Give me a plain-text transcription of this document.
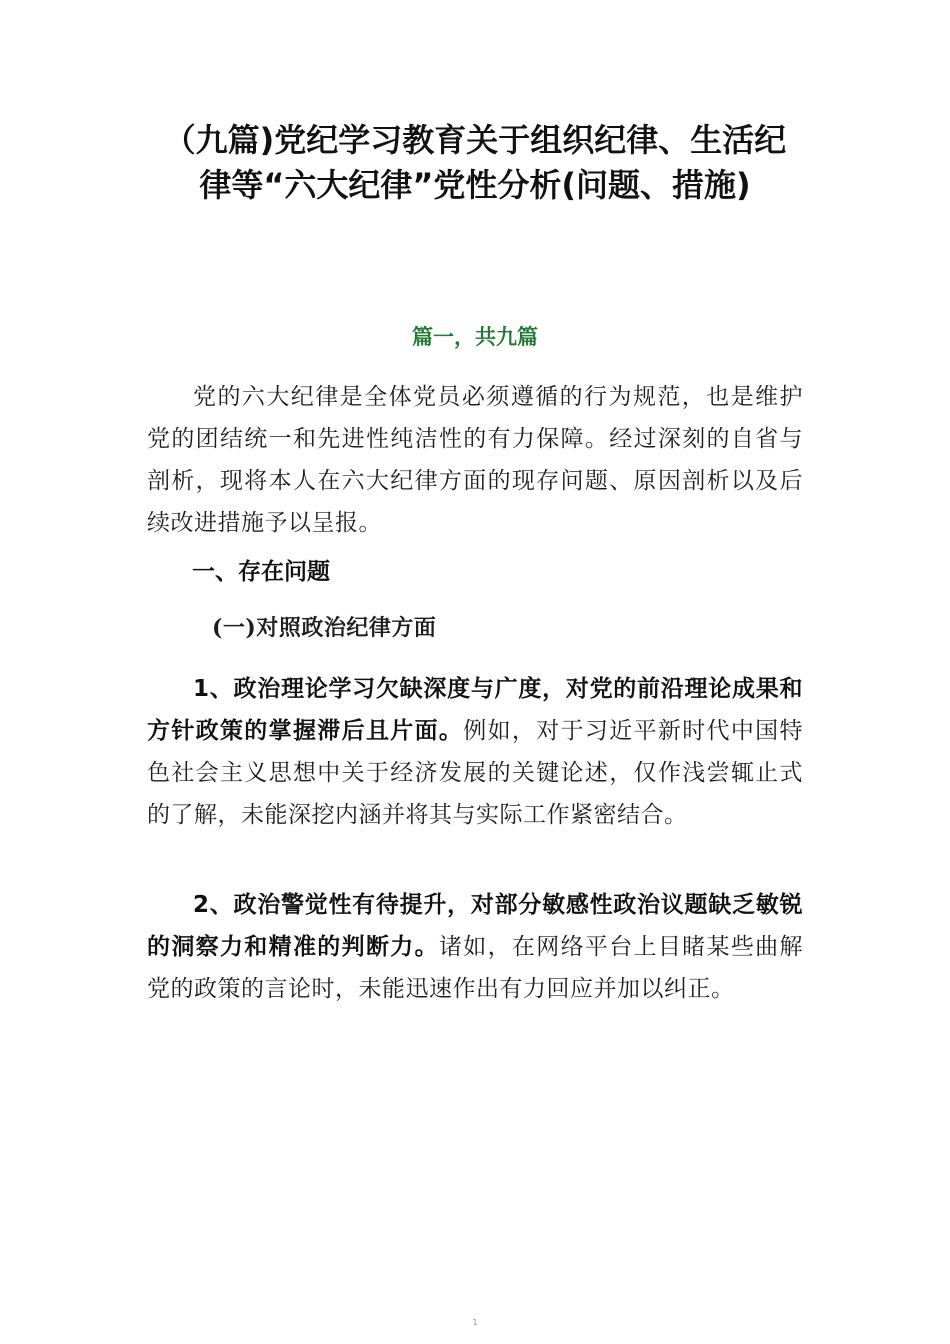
（九篇)党纪学习教育关于组织纪律、生活纪律等“六大纪律”党性分析(问题、措施)
篇一，共九篇

党的六大纪律是全体党员必须遵循的行为规范，也是维护党的团结统一和先进性纯洁性的有力保障。经过深刻的自省与剖析，现将本人在六大纪律方面的现存问题、原因剖析以及后续改进措施予以呈报。

一、存在问题
(一)对照政治纪律方面

1、政治理论学习欠缺深度与广度，对党的前沿理论成果和方针政策的掌握滞后且片面。例如，对于习近平新时代中国特色社会主义思想中关于经济发展的关键论述，仅作浅尝辄止式的了解，未能深挖内涵并将其与实际工作紧密结合。

2、政治警觉性有待提升，对部分敏感性政治议题缺乏敏锐的洞察力和精准的判断力。诸如，在网络平台上目睹某些曲解党的政策的言论时，未能迅速作出有力回应并加以纠正。

1
